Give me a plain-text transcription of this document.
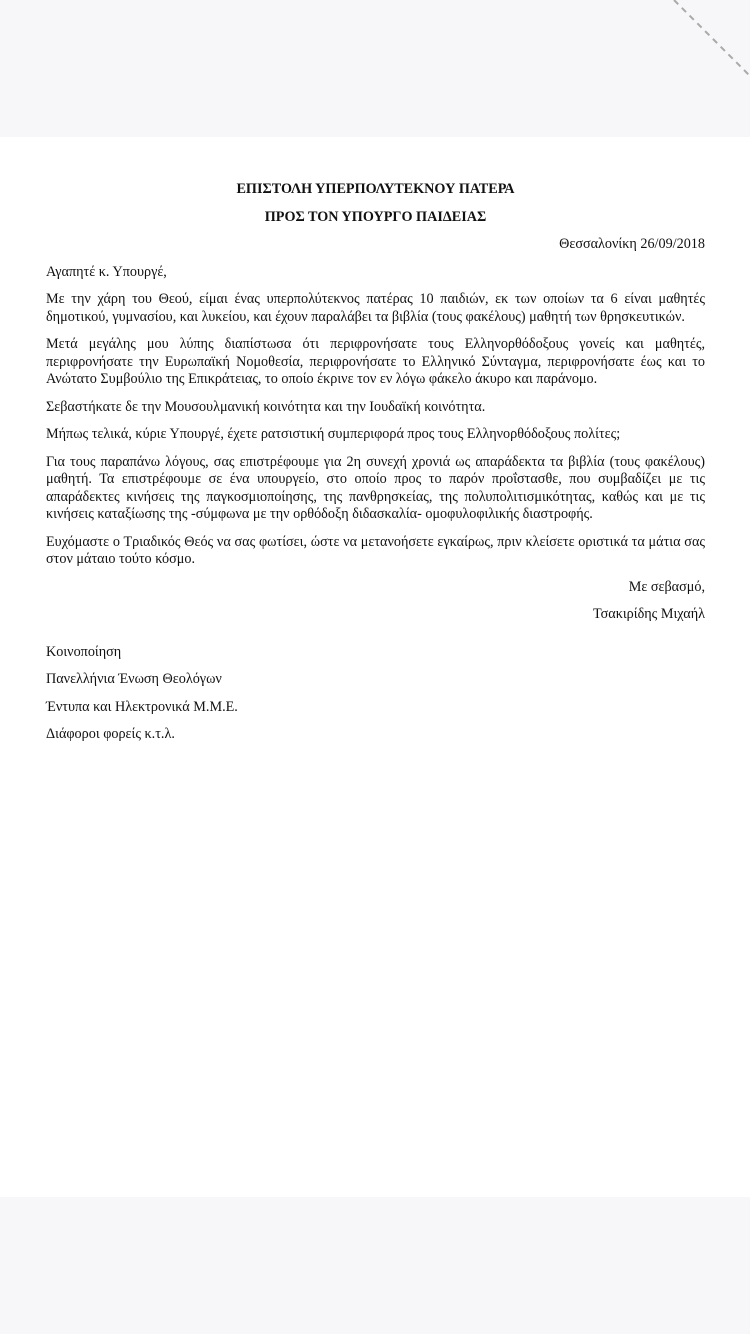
ΕΠΙΣΤΟΛΗ ΥΠΕΡΠΟΛΥΤΕΚΝΟΥ ΠΑΤΕΡΑ

ΠΡΟΣ ΤΟΝ ΥΠΟΥΡΓΟ ΠΑΙΔΕΙΑΣ

Θεσσαλονίκη 26/09/2018

Αγαπητέ κ. Υπουργέ,

Με την χάρη του Θεού, είμαι ένας υπερπολύτεκνος πατέρας 10 παιδιών, εκ των οποίων τα 6 είναι μαθητές δημοτικού, γυμνασίου, και λυκείου, και έχουν παραλάβει τα βιβλία (τους φακέλους) μαθητή των θρησκευτικών.

Μετά μεγάλης μου λύπης διαπίστωσα ότι περιφρονήσατε τους Ελληνορθόδοξους γονείς και μαθητές, περιφρονήσατε την Ευρωπαϊκή Νομοθεσία, περιφρονήσατε το Ελληνικό Σύνταγμα, περιφρονήσατε έως και το Ανώτατο Συμβούλιο της Επικράτειας, το οποίο έκρινε τον εν λόγω φάκελο άκυρο και παράνομο.

Σεβαστήκατε δε την Μουσουλμανική κοινότητα και την Ιουδαϊκή κοινότητα.

Μήπως τελικά, κύριε Υπουργέ, έχετε ρατσιστική συμπεριφορά προς τους Ελληνορθόδοξους πολίτες;

Για τους παραπάνω λόγους, σας επιστρέφουμε για 2η συνεχή χρονιά ως απαράδεκτα τα βιβλία (τους φακέλους) μαθητή. Τα επιστρέφουμε σε ένα υπουργείο, στο οποίο προς το παρόν προΐστασθε, που συμβαδίζει με τις απαράδεκτες κινήσεις της παγκοσμιοποίησης, της πανθρησκείας, της πολυπολιτισμικότητας, καθώς και με τις κινήσεις καταξίωσης της -σύμφωνα με την ορθόδοξη διδασκαλία- ομοφυλοφιλικής διαστροφής.

Ευχόμαστε ο Τριαδικός Θεός να σας φωτίσει, ώστε να μετανοήσετε εγκαίρως, πριν κλείσετε οριστικά τα μάτια σας στον μάταιο τούτο κόσμο.

Με σεβασμό,

Τσακιρίδης Μιχαήλ

Κοινοποίηση

Πανελλήνια Ένωση Θεολόγων

Έντυπα και Ηλεκτρονικά Μ.Μ.Ε.

Διάφοροι φορείς κ.τ.λ.
